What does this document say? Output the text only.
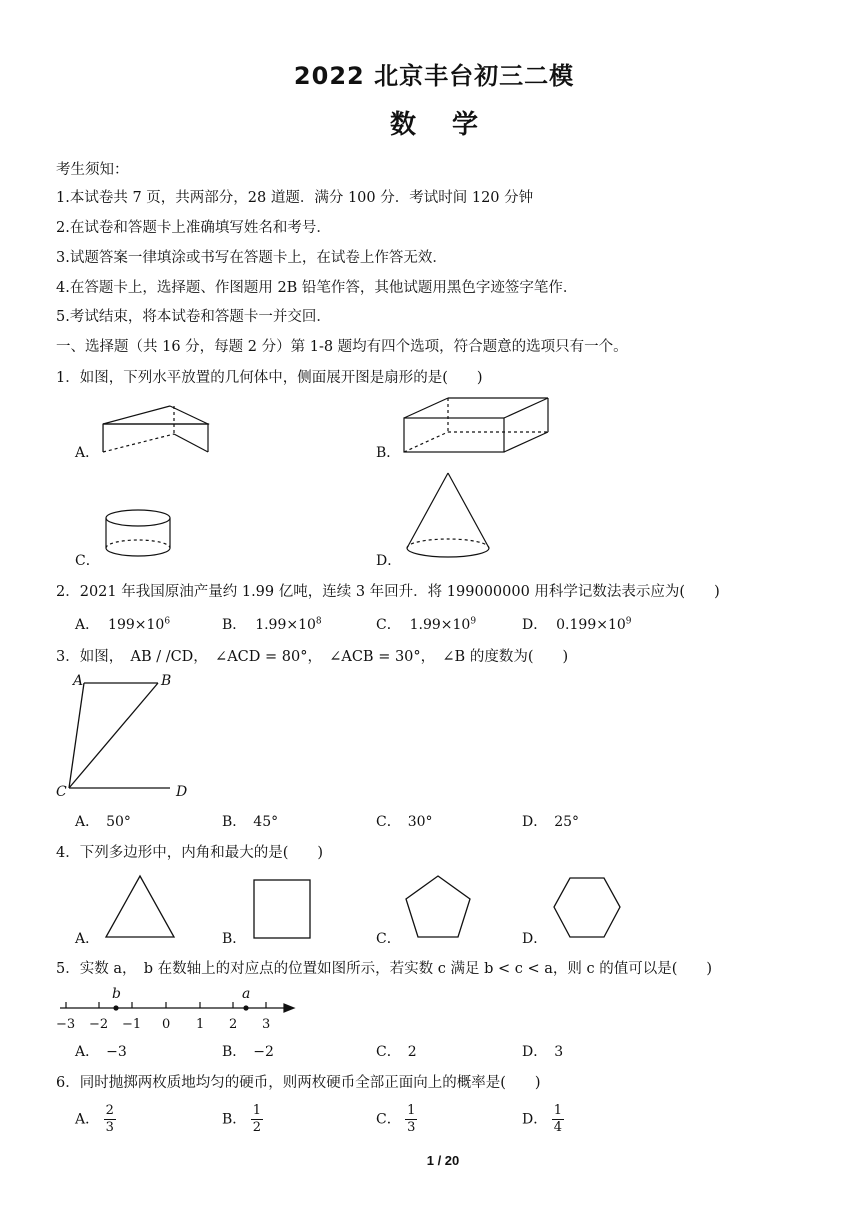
2022 北京丰台初三二模
数学
考生须知：
1.本试卷共 7 页，共两部分，28 道题．满分 100 分．考试时间 120 分钟
2.在试卷和答题卡上准确填写姓名和考号．
3.试题答案一律填涂或书写在答题卡上，在试卷上作答无效．
4.在答题卡上，选择题、作图题用 2B 铅笔作答，其他试题用黑色字迹签字笔作．
5.考试结束，将本试卷和答题卡一并交回．
一、选择题（共 16 分，每题 2 分）第 1-8 题均有四个选项，符合题意的选项只有一个。
1．如图，下列水平放置的几何体中，侧面展开图是扇形的是(　　)
A．	B．
C．	D．
2．2021 年我国原油产量约 1.99 亿吨，连续 3 年回升．将 199000000 用科学记数法表示应为(　　)
A． $199\times 10^6$	B． $1.99\times 10^8$	C． $1.99\times 10^9$	D． $0.199\times 10^9$
3．如图，　AB / /CD，　∠ACD = 80°，　∠ACB = 30°，　∠B 的度数为(　　)
A	B
C	D
A．　50°	B．　45°	C．　30°	D．　25°
4．下列多边形中，内角和最大的是(　　)
A．	B．	C．	D．
5．实数 a，　b 在数轴上的对应点的位置如图所示，若实数 c 满足 b < c < a，则 c 的值可以是(　　)
b	a
−3 −2 −1 0 1 2 3
A．　−3	B．　−2	C．　2	D．　3
6．同时抛掷两枚质地均匀的硬币，则两枚硬币全部正面向上的概率是(　　)
A． $\frac{2}{3}$	B． $\frac{1}{2}$	C． $\frac{1}{3}$	D． $\frac{1}{4}$
1 / 20
